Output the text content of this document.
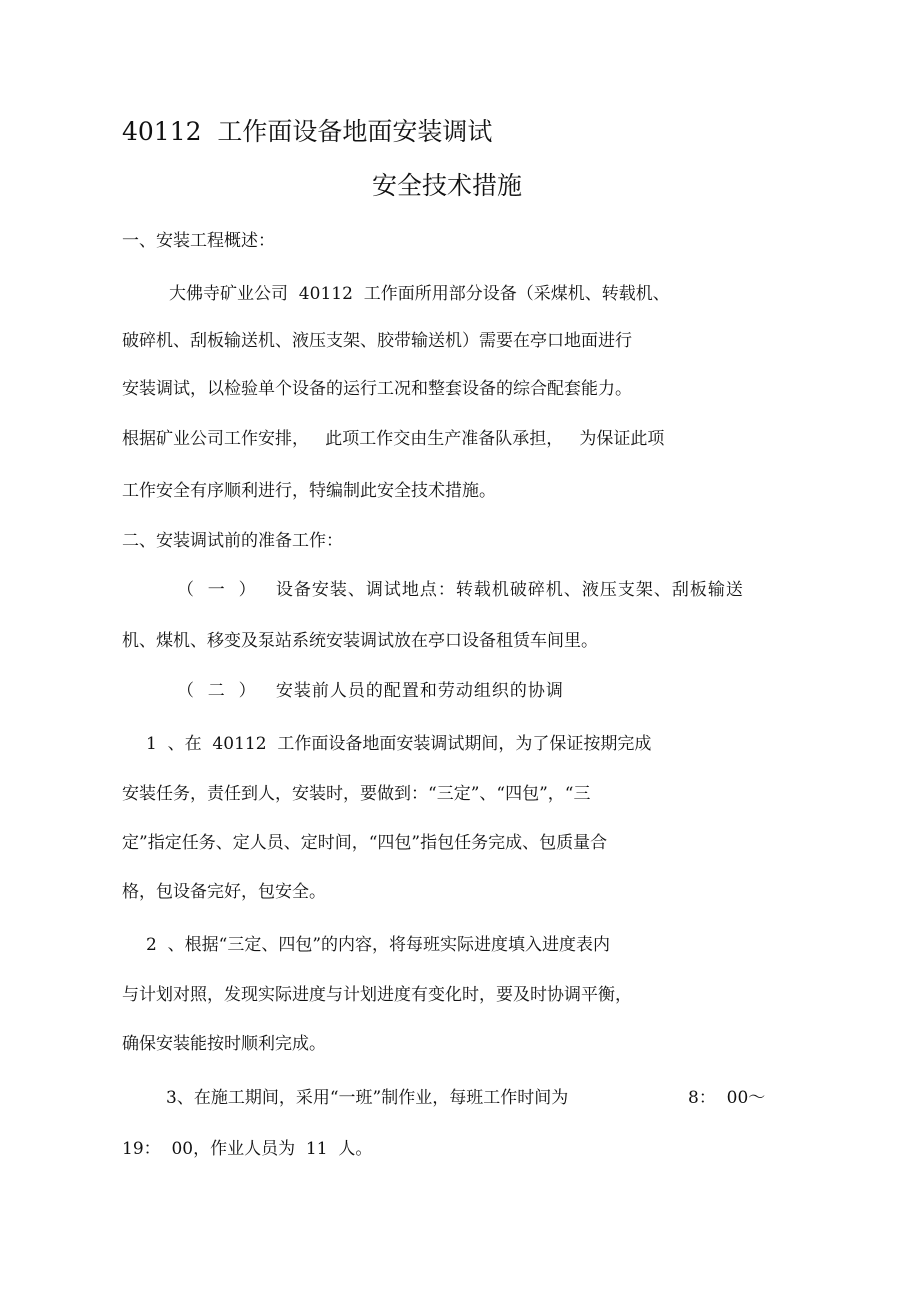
40112  工作面设备地面安装调试
安全技术措施
一、安装工程概述：
大佛寺矿业公司  40112  工作面所用部分设备（采煤机、转载机、
破碎机、刮板输送机、液压支架、胶带输送机）需要在亭口地面进行
安装调试，以检验单个设备的运行工况和整套设备的综合配套能力。
根据矿业公司工作安排，   此项工作交由生产准备队承担，   为保证此项
工作安全有序顺利进行，特编制此安全技术措施。
二、安装调试前的准备工作：
（  一  ）   设备安装、调试地点：转载机破碎机、液压支架、刮板输送
机、煤机、移变及泵站系统安装调试放在亭口设备租赁车间里。
（  二  ）   安装前人员的配置和劳动组织的协调
1  、在  40112  工作面设备地面安装调试期间，为了保证按期完成
安装任务，责任到人，安装时，要做到：“三定”、“四包”，“三
定”指定任务、定人员、定时间，“四包”指包任务完成、包质量合
格，包设备完好，包安全。
2  、根据“三定、四包”的内容，将每班实际进度填入进度表内
与计划对照，发现实际进度与计划进度有变化时，要及时协调平衡，
确保安装能按时顺利完成。
3、在施工期间，采用“一班”制作业，每班工作时间为	8：  00～
19：  00，作业人员为  11  人。
